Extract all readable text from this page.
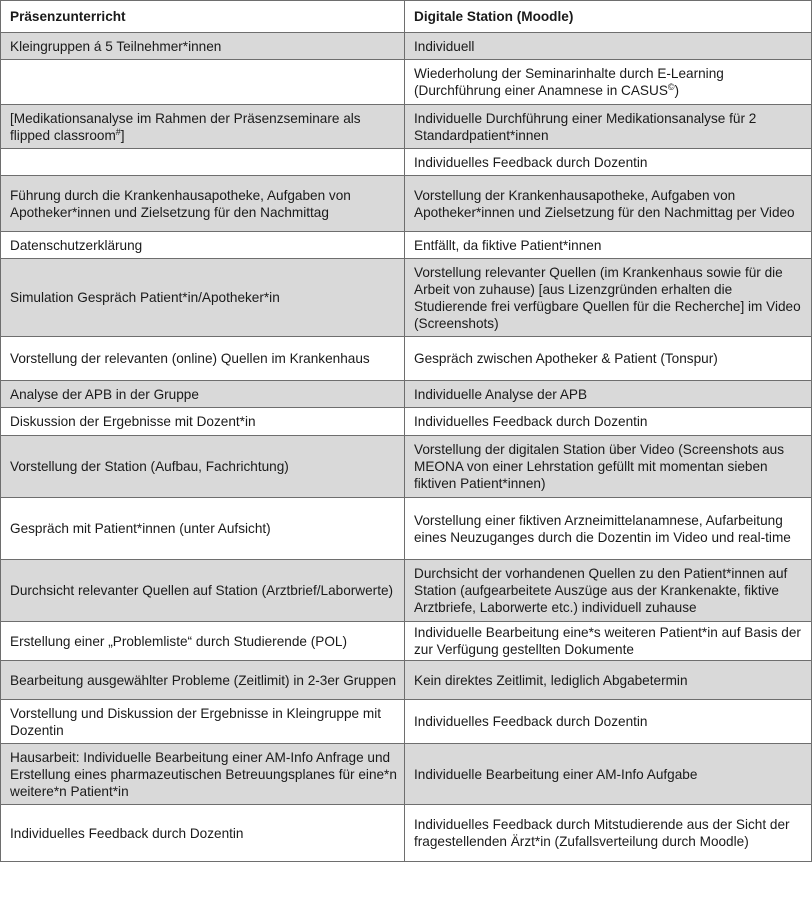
Präsenzunterricht	Digitale Station (Moodle)
Kleingruppen á 5 Teilnehmer*innen	Individuell
	Wiederholung der Seminarinhalte durch E-Learning (Durchführung einer Anamnese in CASUS©)
[Medikationsanalyse im Rahmen der Präsenzseminare als flipped classroom#]	Individuelle Durchführung einer Medikationsanalyse für 2 Standardpatient*innen
	Individuelles Feedback durch Dozentin
Führung durch die Krankenhausapotheke, Aufgaben von Apotheker*innen und Zielsetzung für den Nachmittag	Vorstellung der Krankenhausapotheke, Aufgaben von Apotheker*innen und Zielsetzung für den Nachmittag per Video
Datenschutzerklärung	Entfällt, da fiktive Patient*innen
Simulation Gespräch Patient*in/Apotheker*in	Vorstellung relevanter Quellen (im Krankenhaus sowie für die Arbeit von zuhause) [aus Lizenzgründen erhalten die Studierende frei verfügbare Quellen für die Recherche] im Video (Screenshots)
Vorstellung der relevanten (online) Quellen im Krankenhaus	Gespräch zwischen Apotheker & Patient (Tonspur)
Analyse der APB in der Gruppe	Individuelle Analyse der APB
Diskussion der Ergebnisse mit Dozent*in	Individuelles Feedback durch Dozentin
Vorstellung der Station (Aufbau, Fachrichtung)	Vorstellung der digitalen Station über Video (Screenshots aus MEONA von einer Lehrstation gefüllt mit momentan sieben fiktiven Patient*innen)
Gespräch mit Patient*innen (unter Aufsicht)	Vorstellung einer fiktiven Arzneimittelanamnese, Aufarbeitung eines Neuzuganges durch die Dozentin im Video und real-time
Durchsicht relevanter Quellen auf Station (Arztbrief/Laborwerte)	Durchsicht der vorhandenen Quellen zu den Patient*innen auf Station (aufgearbeitete Auszüge aus der Krankenakte, fiktive Arztbriefe, Laborwerte etc.) individuell zuhause
Erstellung einer „Problemliste“ durch Studierende (POL)	Individuelle Bearbeitung eine*s weiteren Patient*in auf Basis der zur Verfügung gestellten Dokumente
Bearbeitung ausgewählter Probleme (Zeitlimit) in 2-3er Gruppen	Kein direktes Zeitlimit, lediglich Abgabetermin
Vorstellung und Diskussion der Ergebnisse in Kleingruppe mit Dozentin	Individuelles Feedback durch Dozentin
Hausarbeit: Individuelle Bearbeitung einer AM-Info Anfrage und Erstellung eines pharmazeutischen Betreuungsplanes für eine*n weitere*n Patient*in	Individuelle Bearbeitung einer AM-Info Aufgabe
Individuelles Feedback durch Dozentin	Individuelles Feedback durch Mitstudierende aus der Sicht der fragestellenden Ärzt*in (Zufallsverteilung durch Moodle)
